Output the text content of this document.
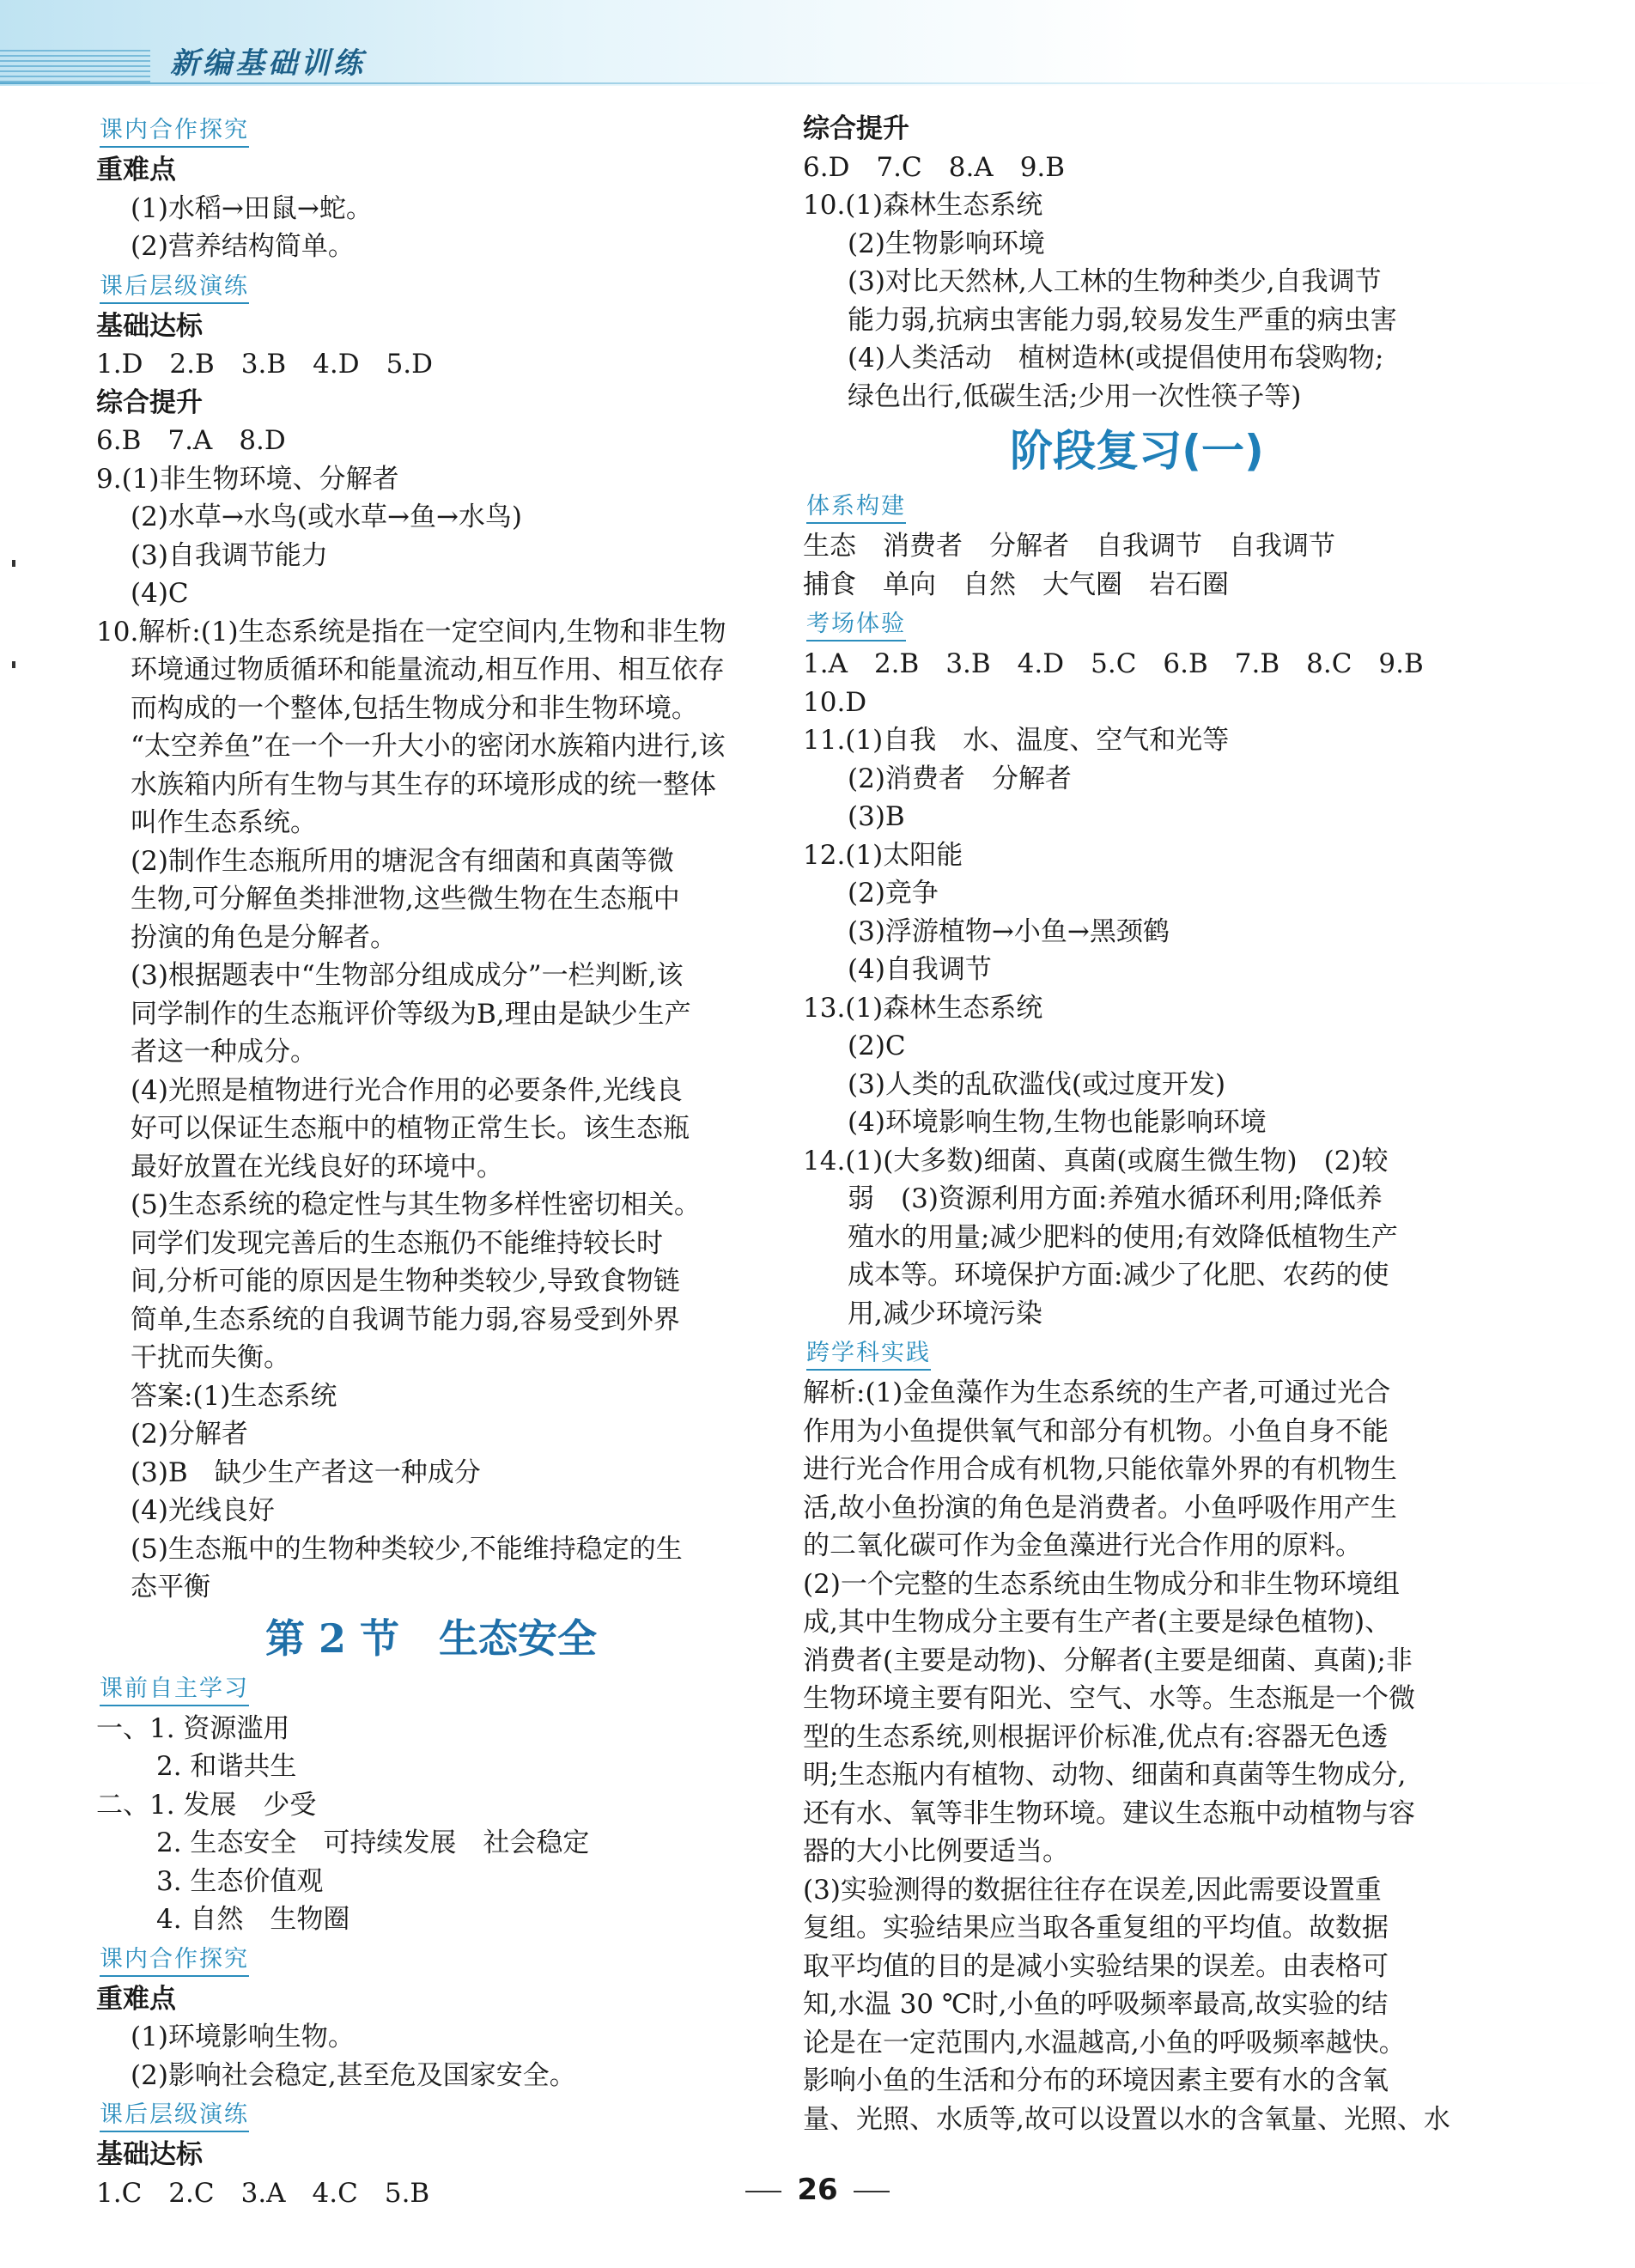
新编基础训练
课内合作探究
重难点
(1)水稻→田鼠→蛇。
(2)营养结构简单。
课后层级演练
基础达标
1.D　2.B　3.B　4.D　5.D
综合提升
6.B　7.A　8.D
9.(1)非生物环境、分解者
(2)水草→水鸟(或水草→鱼→水鸟)
(3)自我调节能力
(4)C
10.解析:(1)生态系统是指在一定空间内,生物和非生物
环境通过物质循环和能量流动,相互作用、相互依存
而构成的一个整体,包括生物成分和非生物环境。
“太空养鱼”在一个一升大小的密闭水族箱内进行,该
水族箱内所有生物与其生存的环境形成的统一整体
叫作生态系统。
(2)制作生态瓶所用的塘泥含有细菌和真菌等微
生物,可分解鱼类排泄物,这些微生物在生态瓶中
扮演的角色是分解者。
(3)根据题表中“生物部分组成成分”一栏判断,该
同学制作的生态瓶评价等级为B,理由是缺少生产
者这一种成分。
(4)光照是植物进行光合作用的必要条件,光线良
好可以保证生态瓶中的植物正常生长。该生态瓶
最好放置在光线良好的环境中。
(5)生态系统的稳定性与其生物多样性密切相关。
同学们发现完善后的生态瓶仍不能维持较长时
间,分析可能的原因是生物种类较少,导致食物链
简单,生态系统的自我调节能力弱,容易受到外界
干扰而失衡。
答案:(1)生态系统
(2)分解者
(3)B　缺少生产者这一种成分
(4)光线良好
(5)生态瓶中的生物种类较少,不能维持稳定的生
态平衡
第 2 节　生态安全
课前自主学习
一、1. 资源滥用
2. 和谐共生
二、1. 发展　少受
2. 生态安全　可持续发展　社会稳定
3. 生态价值观
4. 自然　生物圈
课内合作探究
重难点
(1)环境影响生物。
(2)影响社会稳定,甚至危及国家安全。
课后层级演练
基础达标
1.C　2.C　3.A　4.C　5.B
综合提升
6.D　7.C　8.A　9.B
10.(1)森林生态系统
(2)生物影响环境
(3)对比天然林,人工林的生物种类少,自我调节
能力弱,抗病虫害能力弱,较易发生严重的病虫害
(4)人类活动　植树造林(或提倡使用布袋购物;
绿色出行,低碳生活;少用一次性筷子等)
阶段复习(一)
体系构建
生态　消费者　分解者　自我调节　自我调节
捕食　单向　自然　大气圈　岩石圈
考场体验
1.A　2.B　3.B　4.D　5.C　6.B　7.B　8.C　9.B
10.D
11.(1)自我　水、温度、空气和光等
(2)消费者　分解者
(3)B
12.(1)太阳能
(2)竞争
(3)浮游植物→小鱼→黑颈鹤
(4)自我调节
13.(1)森林生态系统
(2)C
(3)人类的乱砍滥伐(或过度开发)
(4)环境影响生物,生物也能影响环境
14.(1)(大多数)细菌、真菌(或腐生微生物)　(2)较
弱　(3)资源利用方面:养殖水循环利用;降低养
殖水的用量;减少肥料的使用;有效降低植物生产
成本等。环境保护方面:减少了化肥、农药的使
用,减少环境污染
跨学科实践
解析:(1)金鱼藻作为生态系统的生产者,可通过光合
作用为小鱼提供氧气和部分有机物。小鱼自身不能
进行光合作用合成有机物,只能依靠外界的有机物生
活,故小鱼扮演的角色是消费者。小鱼呼吸作用产生
的二氧化碳可作为金鱼藻进行光合作用的原料。
(2)一个完整的生态系统由生物成分和非生物环境组
成,其中生物成分主要有生产者(主要是绿色植物)、
消费者(主要是动物)、分解者(主要是细菌、真菌);非
生物环境主要有阳光、空气、水等。生态瓶是一个微
型的生态系统,则根据评价标准,优点有:容器无色透
明;生态瓶内有植物、动物、细菌和真菌等生物成分,
还有水、氧等非生物环境。建议生态瓶中动植物与容
器的大小比例要适当。
(3)实验测得的数据往往存在误差,因此需要设置重
复组。实验结果应当取各重复组的平均值。故数据
取平均值的目的是减小实验结果的误差。由表格可
知,水温 30 ℃时,小鱼的呼吸频率最高,故实验的结
论是在一定范围内,水温越高,小鱼的呼吸频率越快。
影响小鱼的生活和分布的环境因素主要有水的含氧
量、光照、水质等,故可以设置以水的含氧量、光照、水
26
